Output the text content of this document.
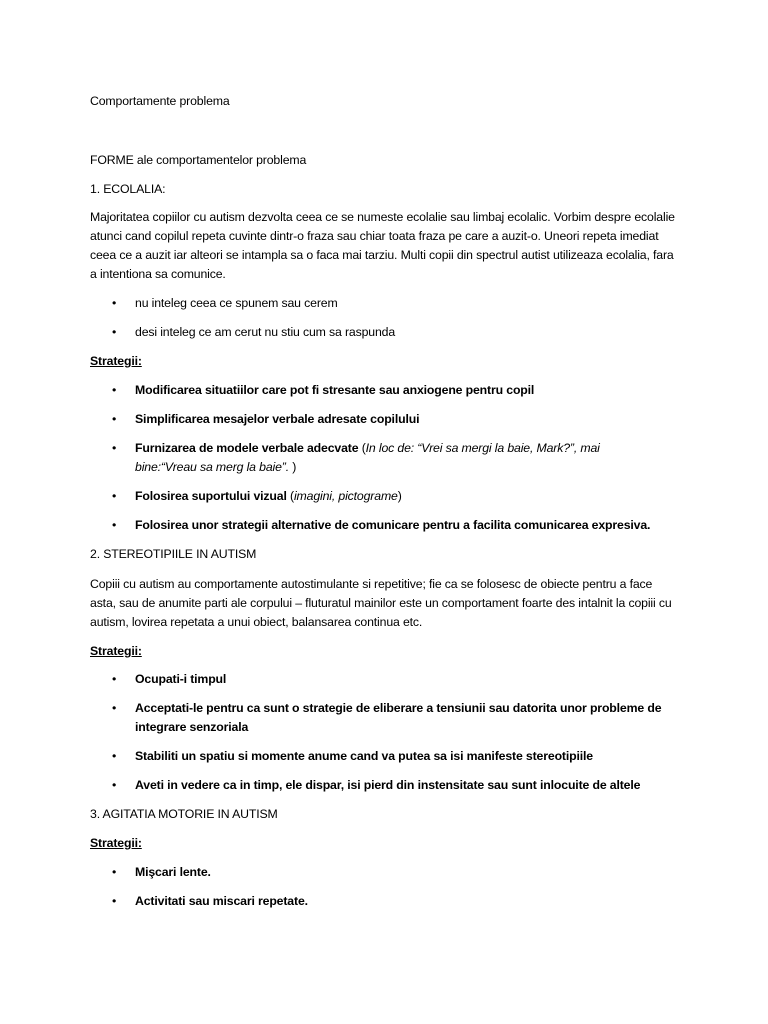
Comportamente problema

FORME ale comportamentelor problema

1. ECOLALIA:

Majoritatea copiilor cu autism dezvolta ceea ce se numeste ecolalie sau limbaj ecolalic. Vorbim despre ecolalie atunci cand copilul repeta cuvinte dintr-o fraza sau chiar toata fraza pe care a auzit-o. Uneori repeta imediat ceea ce a auzit iar alteori se intampla sa o faca mai tarziu. Multi copii din spectrul autist utilizeaza ecolalia, fara a intentiona sa comunice.

• nu inteleg ceea ce spunem sau cerem

• desi inteleg ce am cerut nu stiu cum sa raspunda

Strategii:

• Modificarea situatiilor care pot fi stresante sau anxiogene pentru copil

• Simplificarea mesajelor verbale adresate copilului

• Furnizarea de modele verbale adecvate (In loc de: “Vrei sa mergi la baie, Mark?”, mai bine:“Vreau sa merg la baie”. )

• Folosirea suportului vizual (imagini, pictograme)

• Folosirea unor strategii alternative de comunicare pentru a facilita comunicarea expresiva.

2. STEREOTIPIILE IN AUTISM

Copiii cu autism au comportamente autostimulante si repetitive; fie ca se folosesc de obiecte pentru a face asta, sau de anumite parti ale corpului – fluturatul mainilor este un comportament foarte des intalnit la copiii cu autism, lovirea repetata a unui obiect, balansarea continua etc.

Strategii:

• Ocupati-i timpul

• Acceptati-le pentru ca sunt o strategie de eliberare a tensiunii sau datorita unor probleme de integrare senzoriala

• Stabiliti un spatiu si momente anume cand va putea sa isi manifeste stereotipiile

• Aveti in vedere ca in timp, ele dispar, isi pierd din instensitate sau sunt inlocuite de altele

3. AGITATIA MOTORIE IN AUTISM

Strategii:

• Mişcari lente.

• Activitati sau miscari repetate.
